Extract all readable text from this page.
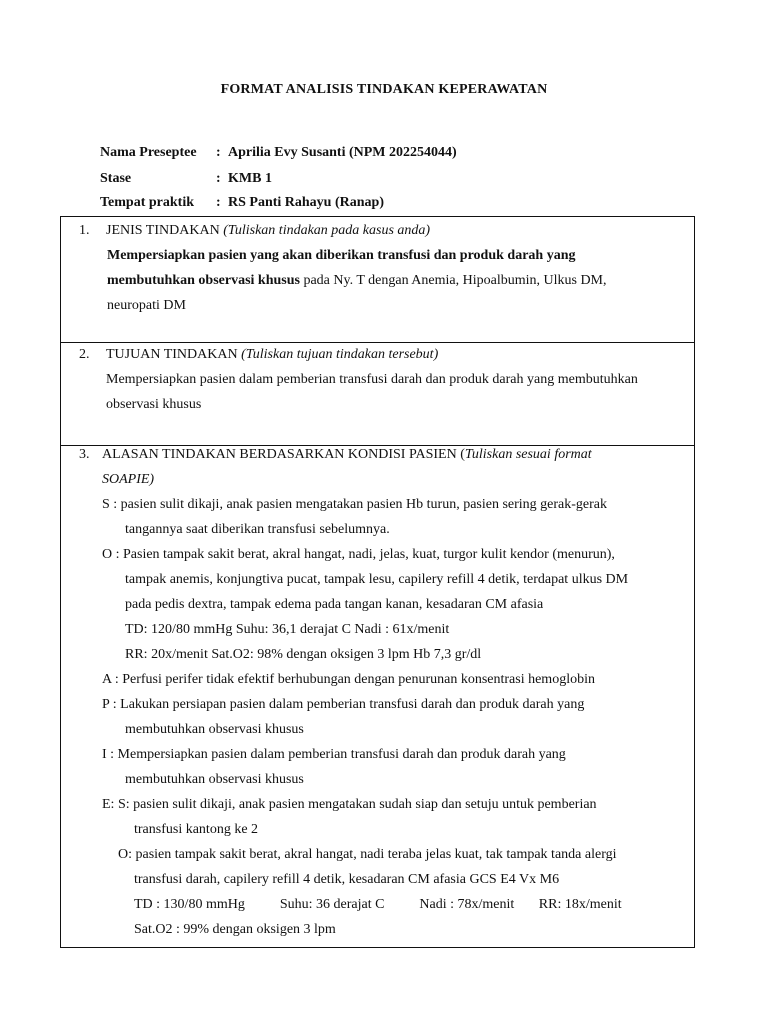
FORMAT ANALISIS TINDAKAN KEPERAWATAN
Nama Preseptee : Aprilia Evy Susanti (NPM 202254044)
Stase	: KMB 1
Tempat praktik : RS Panti Rahayu (Ranap)
1. JENIS TINDAKAN (Tuliskan tindakan pada kasus anda)
Mempersiapkan pasien yang akan diberikan transfusi dan produk darah yang
membutuhkan observasi khusus pada Ny. T dengan Anemia, Hipoalbumin, Ulkus DM,
neuropati DM
2. TUJUAN TINDAKAN (Tuliskan tujuan tindakan tersebut)
Mempersiapkan pasien dalam pemberian transfusi darah dan produk darah yang membutuhkan
observasi khusus
3. ALASAN TINDAKAN BERDASARKAN KONDISI PASIEN (Tuliskan sesuai format
SOAPIE)
S : pasien sulit dikaji, anak pasien mengatakan pasien Hb turun, pasien sering gerak-gerak
tangannya saat diberikan transfusi sebelumnya.
O : Pasien tampak sakit berat, akral hangat, nadi, jelas, kuat, turgor kulit kendor (menurun),
tampak anemis, konjungtiva pucat, tampak lesu, capilery refill 4 detik, terdapat ulkus DM
pada pedis dextra, tampak edema pada tangan kanan, kesadaran CM afasia
TD: 120/80 mmHg Suhu: 36,1 derajat C Nadi : 61x/menit
RR: 20x/menit Sat.O2: 98% dengan oksigen 3 lpm Hb 7,3 gr/dl
A : Perfusi perifer tidak efektif berhubungan dengan penurunan konsentrasi hemoglobin
P : Lakukan persiapan pasien dalam pemberian transfusi darah dan produk darah yang
membutuhkan observasi khusus
I : Mempersiapkan pasien dalam pemberian transfusi darah dan produk darah yang
membutuhkan observasi khusus
E: S: pasien sulit dikaji, anak pasien mengatakan sudah siap dan setuju untuk pemberian
transfusi kantong ke 2
O: pasien tampak sakit berat, akral hangat, nadi teraba jelas kuat, tak tampak tanda alergi
transfusi darah, capilery refill 4 detik, kesadaran CM afasia GCS E4 Vx M6
TD : 130/80 mmHg          Suhu: 36 derajat C          Nadi : 78x/menit       RR: 18x/menit
Sat.O2 : 99% dengan oksigen 3 lpm
